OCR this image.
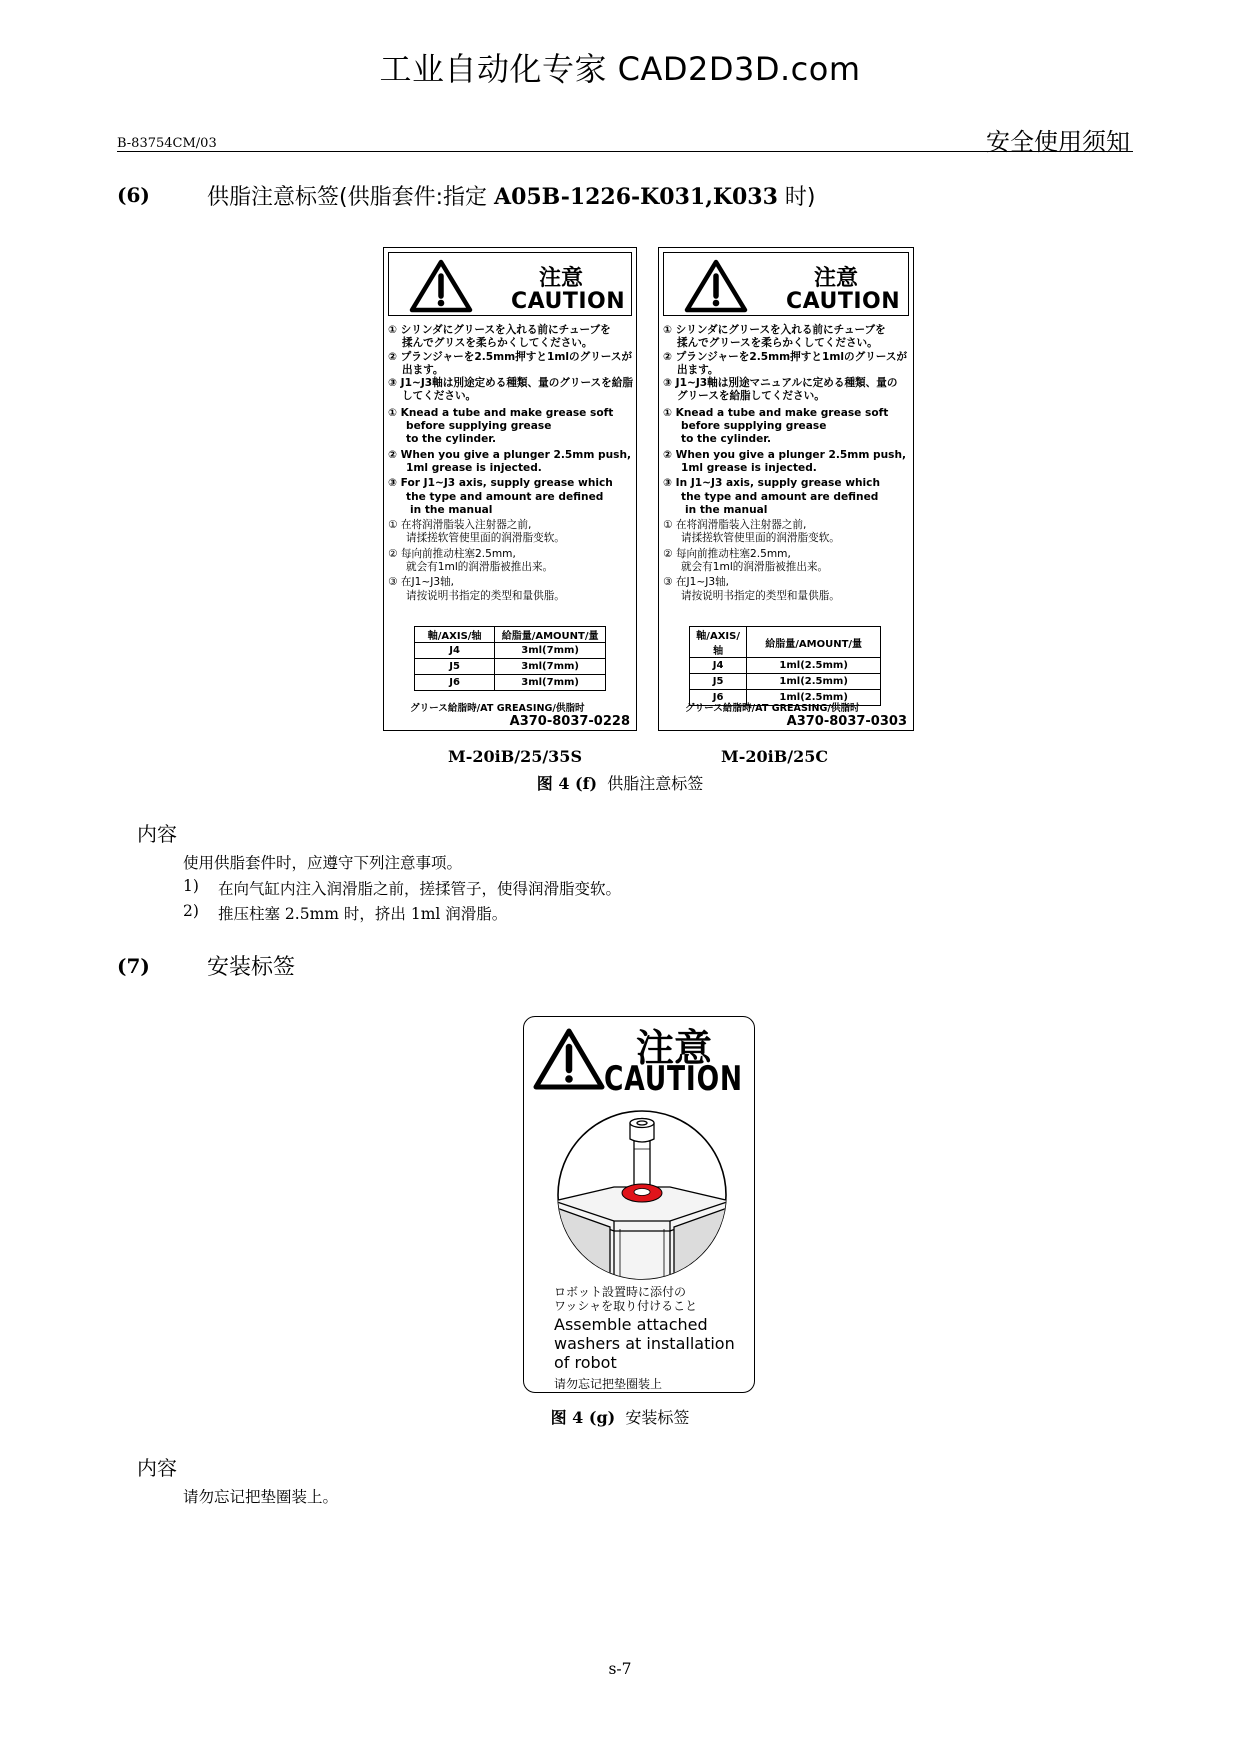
工业自动化专家 CAD2D3D.com
B-83754CM/03	安全使用须知
(6)	供脂注意标签(供脂套件:指定 A05B-1226-K031,K033 时)
注意
CAUTION
① シリンダにグリースを入れる前にチューブを
揉んでグリスを柔らかくしてください。
② プランジャーを2.5mm押すと1mlのグリースが
出ます。
③ J1~J3軸は別途定める種類、量のグリースを給脂
してください。
① Knead a tube and make grease soft
before supplying grease
to the cylinder.
② When you give a plunger 2.5mm push,
1ml grease is injected.
③ For J1~J3 axis, supply grease which
the type and amount are defined
in the manual
① 在将润滑脂装入注射器之前,
请揉搓软管使里面的润滑脂变软。
② 每向前推动柱塞2.5mm,
就会有1ml的润滑脂被推出来。
③ 在J1~J3轴,
请按说明书指定的类型和量供脂。
軸/AXIS/轴	給脂量/AMOUNT/量
J4	3ml(7mm)
J5	3ml(7mm)
J6	3ml(7mm)
グリース給脂時/AT GREASING/供脂时
A370-8037-0228
注意
CAUTION
① シリンダにグリースを入れる前にチューブを
揉んでグリースを柔らかくしてください。
② プランジャーを2.5mm押すと1mlのグリースが
出ます。
③ J1~J3軸は別途マニュアルに定める種類、量の
グリースを給脂してください。
① Knead a tube and make grease soft
before supplying grease
to the cylinder.
② When you give a plunger 2.5mm push,
1ml grease is injected.
③ In J1~J3 axis, supply grease which
the type and amount are defined
in the manual
① 在将润滑脂装入注射器之前,
请揉搓软管使里面的润滑脂变软。
② 每向前推动柱塞2.5mm,
就会有1ml的润滑脂被推出来。
③ 在J1~J3轴,
请按说明书指定的类型和量供脂。
軸/AXIS/轴	給脂量/AMOUNT/量
J4	1ml(2.5mm)
J5	1ml(2.5mm)
J6	1ml(2.5mm)
グリース給脂時/AT GREASING/供脂时
A370-8037-0303
M-20iB/25/35S	M-20iB/25C
图 4 (f) 供脂注意标签
内容
使用供脂套件时，应遵守下列注意事项。
1) 在向气缸内注入润滑脂之前，搓揉管子，使得润滑脂变软。
2) 推压柱塞 2.5mm 时，挤出 1ml 润滑脂。
(7)	安装标签
注意
CAUTION
ロボット設置時に添付の
ワッシャを取り付けること
Assemble attached
washers at installation
of robot
请勿忘记把垫圈装上
图 4 (g) 安装标签
内容
请勿忘记把垫圈装上。
s-7
